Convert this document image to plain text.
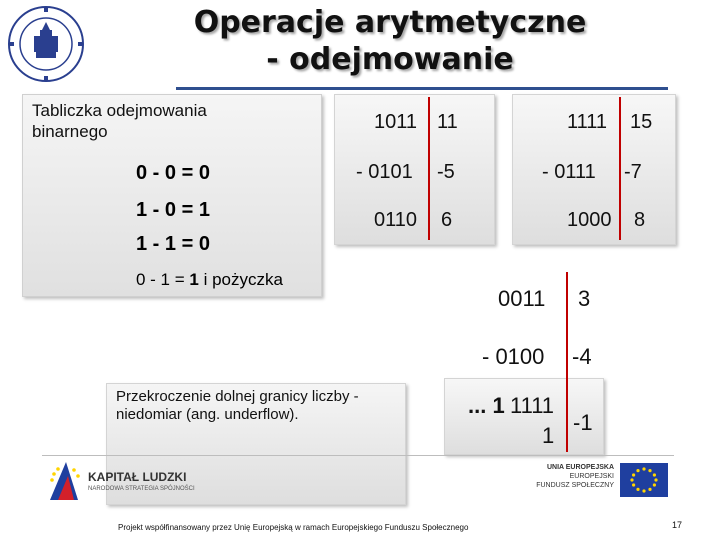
Operacje arytmetyczne
- odejmowanie
Tabliczka odejmowania binarnego
0 - 0 = 0
1 - 0 = 1
1 - 1 = 0
0 - 1 = 1 i pożyczka
1011 11
- 0101 -5
0110 6
1111 15
- 0111 -7
1000 8
0011 3
- 0100 -4
... 1 1111
1
-1
Przekroczenie dolnej granicy liczby - niedomiar (ang. underflow).
KAPITAŁ LUDZKI
NARODOWA STRATEGIA SPÓJNOŚCI
UNIA EUROPEJSKA
EUROPEJSKI
FUNDUSZ SPOŁECZNY
Projekt współfinansowany przez Unię Europejską w ramach Europejskiego Funduszu Społecznego	17
